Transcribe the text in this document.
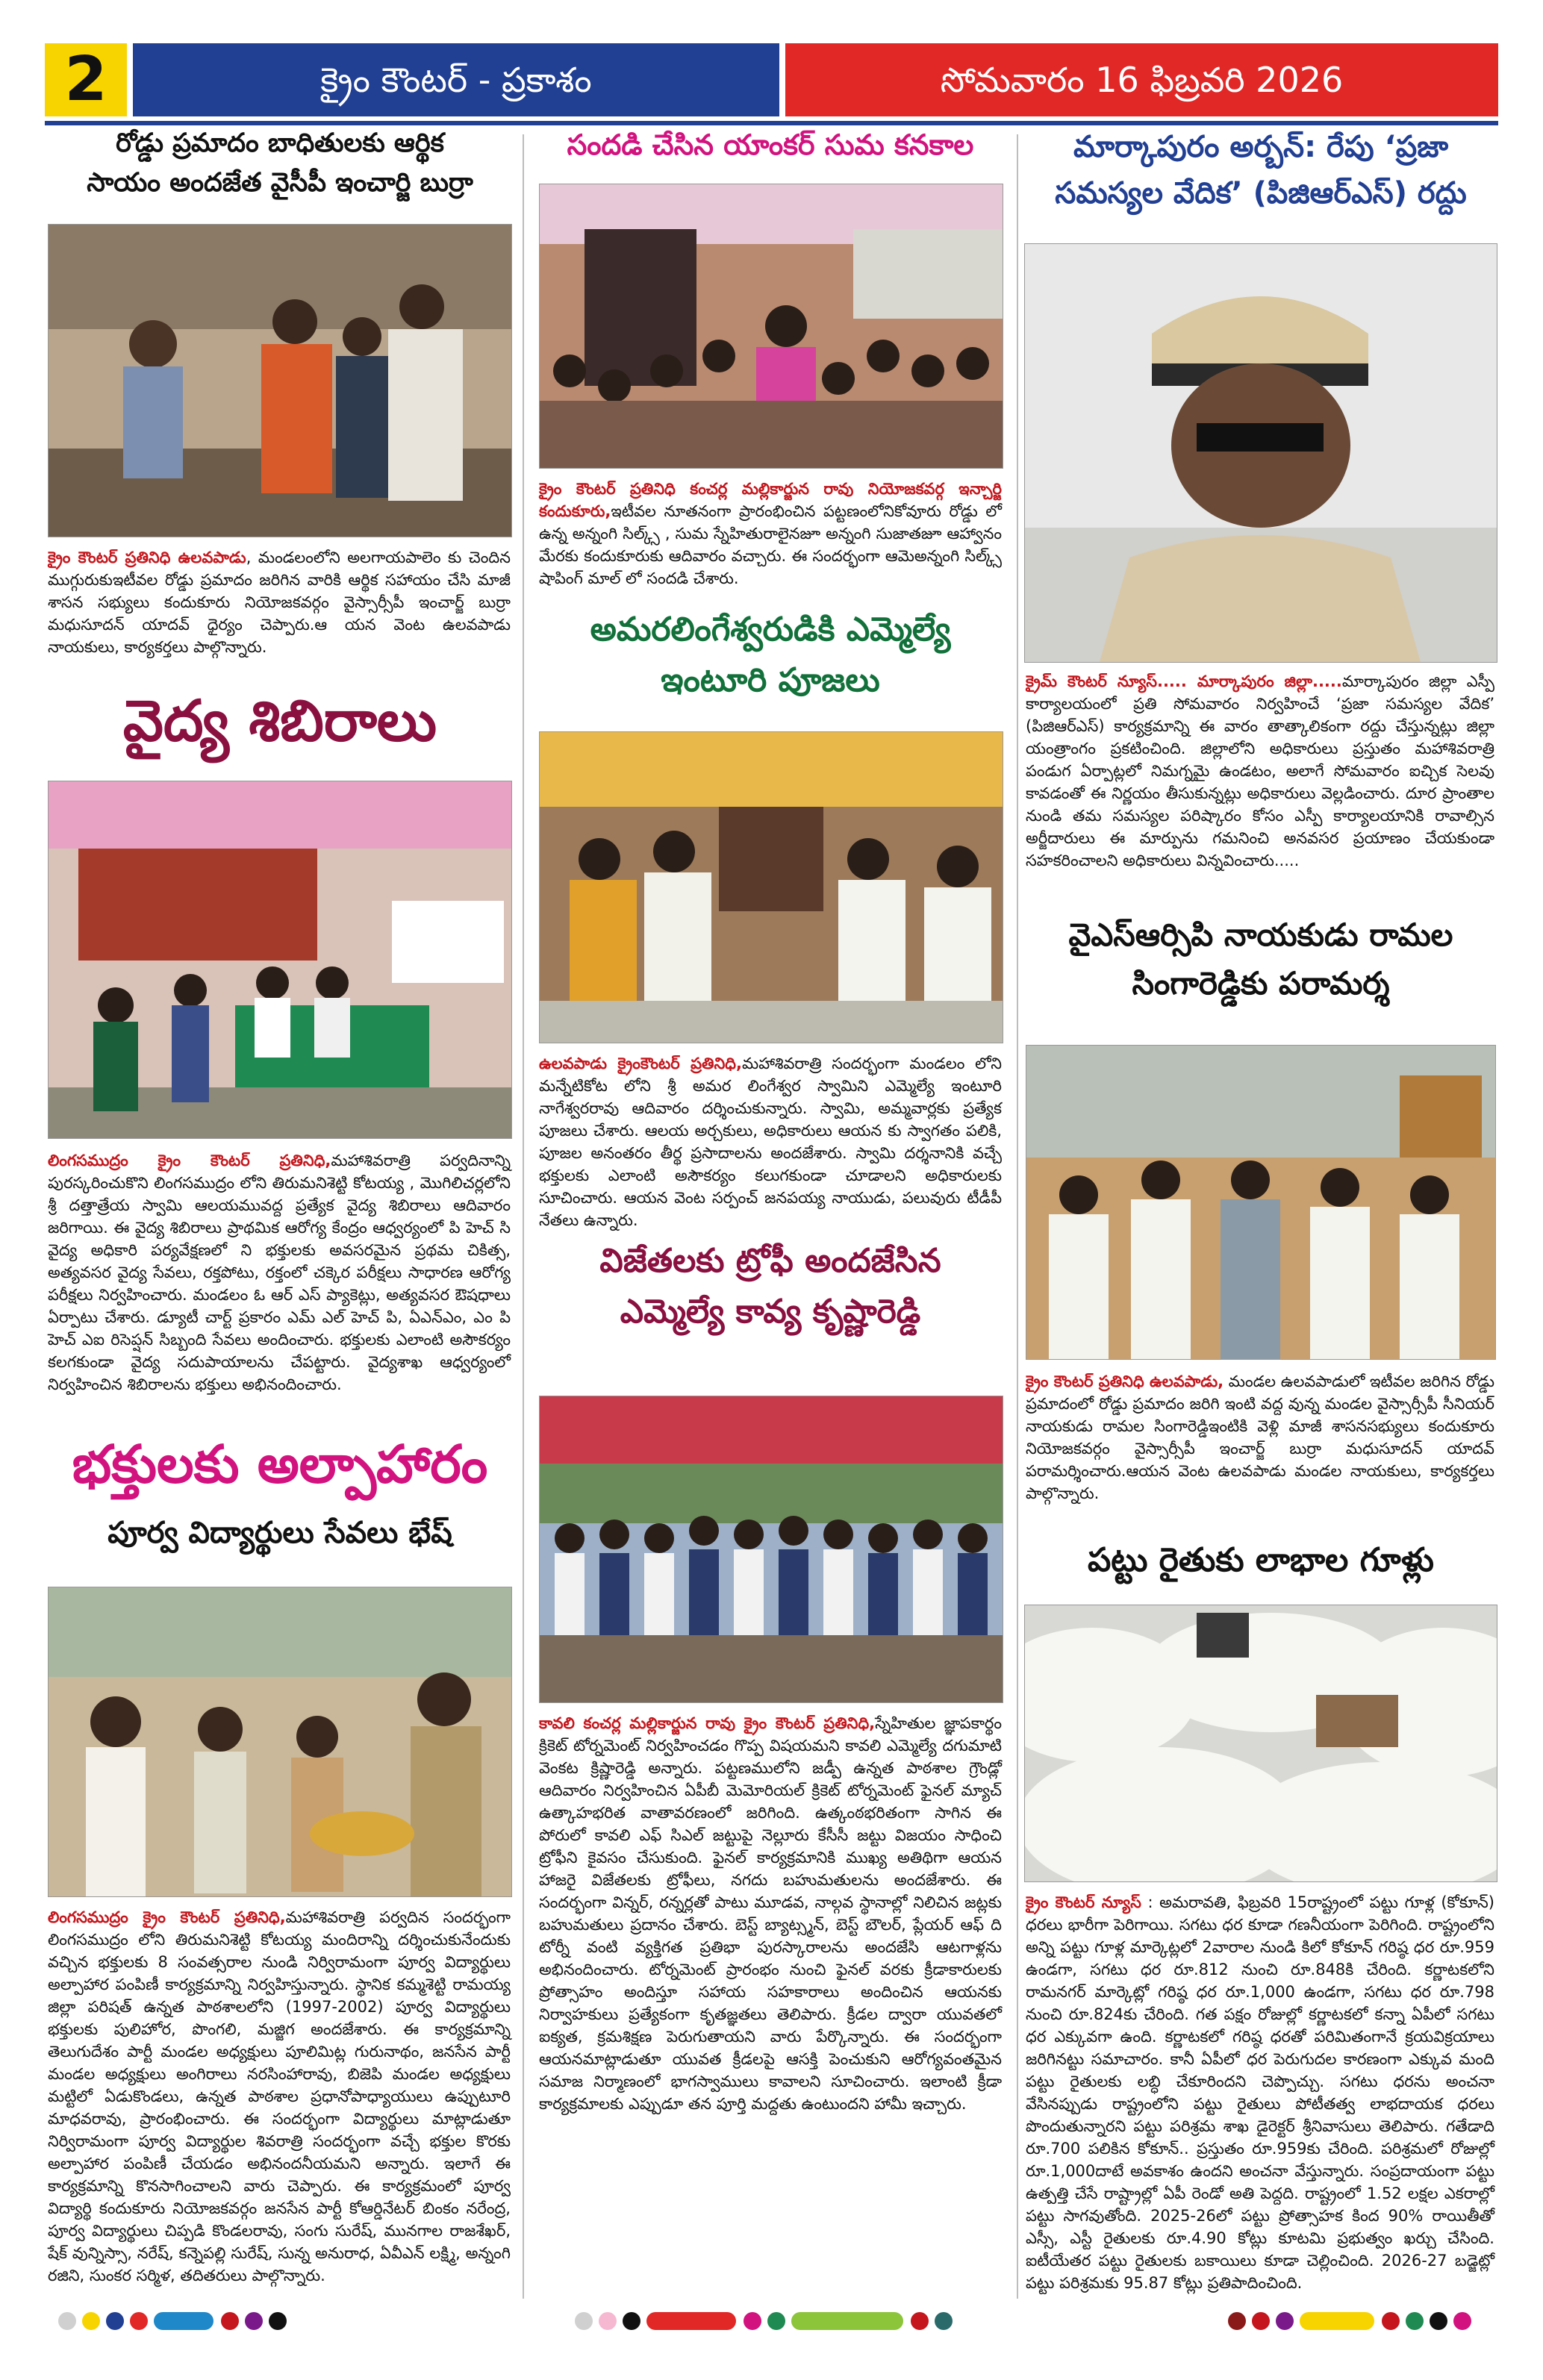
2	క్రైం కౌంటర్ - ప్రకాశం	సోమవారం 16 ఫిబ్రవరి 2026
రోడ్డు ప్రమాదం బాధితులకు ఆర్థిక
సాయం అందజేత వైసీపీ ఇంచార్జి బుర్రా
క్రైం కౌంటర్ ప్రతినిధి ఉలవపాడు, మండలంలోని అలగాయపాలెం కు చెందిన ముగ్గురుకుఇటీవల రోడ్డు ప్రమాదం జరిగిన వారికి ఆర్థిక సహాయం చేసి మాజీ శాసన సభ్యులు కందుకూరు నియోజకవర్గం వైస్సార్సీపీ ఇంచార్జ్ బుర్రా మధుసూదన్ యాదవ్ ధైర్యం చెప్పారు.ఆ యన వెంట ఉలవపాడు నాయకులు, కార్యకర్తలు పాల్గొన్నారు.
వైద్య శిబిరాలు
లింగసముద్రం క్రైం కౌంటర్ ప్రతినిధి,మహాశివరాత్రి పర్వదినాన్ని పురస్కరించుకొని లింగసముద్రం లోని తిరుమనిశెట్టి కోటయ్య , మొగిలిచర్లలోని శ్రీ దత్తాత్రేయ స్వామి ఆలయమువద్ద ప్రత్యేక వైద్య శిబిరాలు ఆదివారం జరిగాయి. ఈ వైద్య శిబిరాలు ప్రాథమిక ఆరోగ్య కేంద్రం ఆధ్వర్యంలో పి హెచ్ సి వైద్య అధికారి పర్యవేక్షణలో ని భక్తులకు అవసరమైన ప్రథమ చికిత్స, అత్యవసర వైద్య సేవలు, రక్తపోటు, రక్తంలో చక్కెర పరీక్షలు సాధారణ ఆరోగ్య పరీక్షలు నిర్వహించారు. మండలం ఓ ఆర్ ఎస్ ప్యాకెట్లు, అత్యవసర ఔషధాలు ఏర్పాటు చేశారు. డ్యూటీ చార్ట్ ప్రకారం ఎమ్ ఎల్ హెచ్ పి, ఏఎన్ఎం, ఎం పి హెచ్ ఎఐ రిసెప్షన్ సిబ్బంది సేవలు అందించారు. భక్తులకు ఎలాంటి అసౌకర్యం కలగకుండా వైద్య సదుపాయాలను చేపట్టారు. వైద్యశాఖ ఆధ్వర్యంలో నిర్వహించిన శిబిరాలను భక్తులు అభినందించారు.
భక్తులకు అల్పాహారం
పూర్వ విద్యార్థులు సేవలు భేష్
లింగసముద్రం క్రైం కౌంటర్ ప్రతినిధి,మహాశివరాత్రి పర్వదిన సందర్భంగా లింగసముద్రం లోని తిరుమనిశెట్టి కోటయ్య మందిరాన్ని దర్శించుకునేందుకు వచ్చిన భక్తులకు 8 సంవత్సరాల నుండి నిర్విరామంగా పూర్వ విద్యార్థులు అల్పాహార పంపిణీ కార్యక్రమాన్ని నిర్వహిస్తున్నారు. స్థానిక కమ్మశెట్టి రామయ్య జిల్లా పరిషత్ ఉన్నత పాఠశాలలోని (1997-2002) పూర్వ విద్యార్థులు భక్తులకు పులిహోర, పొంగలి, మజ్జిగ అందజేశారు. ఈ కార్యక్రమాన్ని తెలుగుదేశం పార్టీ మండల అధ్యక్షులు పూలిమిట్ల గురునాథం, జనసేన పార్టీ మండల అధ్యక్షులు అంగిరాలు నరసింహారావు, బిజెపి మండల అధ్యక్షులు మట్టిలో ఏడుకొండలు, ఉన్నత పాఠశాల ప్రధానోపాధ్యాయులు ఉప్పుటూరి మాధవరావు, ప్రారంభించారు. ఈ సందర్భంగా విద్యార్థులు మాట్లాడుతూ నిర్విరామంగా పూర్వ విద్యార్థుల శివరాత్రి సందర్భంగా వచ్చే భక్తుల కొరకు అల్పాహార పంపిణీ చేయడం అభినందనీయమని అన్నారు. ఇలాగే ఈ కార్యక్రమాన్ని కొనసాగించాలని వారు చెప్పారు. ఈ కార్యక్రమంలో పూర్వ విద్యార్థి కందుకూరు నియోజకవర్గం జనసేన పార్టీ కోఆర్డినేటర్ బింకం నరేంద్ర, పూర్వ విద్యార్థులు చిప్పడి కొండలరావు, సంగు సురేష్, మునగాల రాజశేఖర్, షేక్ వున్నిస్సా, నరేష్, కన్నెపల్లి సురేష్, సున్న అనురాధ, ఏవీఎన్ లక్ష్మి, అన్నంగి రజిని, సుంకర సర్మిళ, తదితరులు పాల్గొన్నారు.
సందడి చేసిన యాంకర్ సుమ కనకాల
క్రైం కౌంటర్ ప్రతినిధి కంచర్ల మల్లికార్జున రావు నియోజకవర్గ ఇన్చార్జి కందుకూరు,ఇటీవల నూతనంగా ప్రారంభించిన పట్టణంలోనికోవూరు రోడ్డు లో ఉన్న అన్నంగి సిల్క్స్ , సుమ స్నేహితురాలైనజూ అన్నంగి సుజాతజూ ఆహ్వానం మేరకు కందుకూరుకు ఆదివారం వచ్చారు. ఈ సందర్భంగా ఆమెఅన్నంగి సిల్క్స్ షాపింగ్ మాల్ లో సందడి చేశారు.
అమరలింగేశ్వరుడికి ఎమ్మెల్యే
ఇంటూరి పూజలు
ఉలవపాడు క్రైంకౌంటర్ ప్రతినిధి,మహాశివరాత్రి సందర్భంగా మండలం లోని మన్నేటికోట లోని శ్రీ అమర లింగేశ్వర స్వామిని ఎమ్మెల్యే ఇంటూరి నాగేశ్వరరావు ఆదివారం దర్శించుకున్నారు. స్వామి, అమ్మవార్లకు ప్రత్యేక పూజలు చేశారు. ఆలయ అర్చకులు, అధికారులు ఆయన కు స్వాగతం పలికి, పూజల అనంతరం తీర్థ ప్రసాదాలను అందజేశారు. స్వామి దర్శనానికి వచ్చే భక్తులకు ఎలాంటి అసౌకర్యం కలుగకుండా చూడాలని అధికారులకు సూచించారు. ఆయన వెంట సర్పంచ్ జనపయ్య నాయుడు, పలువురు టీడీపీ నేతలు ఉన్నారు.
విజేతలకు ట్రోఫీ అందజేసిన
ఎమ్మెల్యే కావ్య కృష్ణారెడ్డి
కావలి కంచర్ల మల్లికార్జున రావు క్రైం కౌంటర్ ప్రతినిధి,స్నేహితుల జ్ఞాపకార్థం క్రికెట్ టోర్నమెంట్ నిర్వహించడం గొప్ప విషయమని కావలి ఎమ్మెల్యే దగుమాటి వెంకట క్రిష్ణారెడ్డి అన్నారు. పట్టణములోని జడ్పీ ఉన్నత పాఠశాల గ్రౌండ్లో ఆదివారం నిర్వహించిన ఏపీబీ మెమోరియల్ క్రికెట్ టోర్నమెంట్ ఫైనల్ మ్యాచ్ ఉత్కాహభరిత వాతావరణంలో జరిగింది. ఉత్కంఠభరితంగా సాగిన ఈ పోరులో కావలి ఎఫ్ సిఎల్ జట్టుపై నెల్లూరు కేసీసీ జట్టు విజయం సాధించి ట్రోఫీని కైవసం చేసుకుంది. ఫైనల్ కార్యక్రమానికి ముఖ్య అతిథిగా ఆయన హాజరై విజేతలకు ట్రోఫీలు, నగదు బహుమతులను అందజేశారు. ఈ సందర్భంగా విన్నర్, రన్నర్లతో పాటు మూడవ, నాల్గవ స్థానాల్లో నిలిచిన జట్లకు బహుమతులు ప్రదానం చేశారు. బెస్ట్ బ్యాట్స్మన్, బెస్ట్ బౌలర్, ప్లేయర్ ఆఫ్ ది టోర్నీ వంటి వ్యక్తిగత ప్రతిభా పురస్కారాలను అందజేసి ఆటగాళ్లను అభినందించారు. టోర్నమెంట్ ప్రారంభం నుంచి ఫైనల్ వరకు క్రీడాకారులకు ప్రోత్సాహం అందిస్తూ సహాయ సహకారాలు అందించిన ఆయనకు నిర్వాహకులు ప్రత్యేకంగా కృతజ్ఞతలు తెలిపారు. క్రీడల ద్వారా యువతలో ఐక్యత, క్రమశిక్షణ పెరుగుతాయని వారు పేర్కొన్నారు. ఈ సందర్భంగా ఆయనమాట్లాడుతూ యువత క్రీడలపై ఆసక్తి పెంచుకుని ఆరోగ్యవంతమైన సమాజ నిర్మాణంలో భాగస్వాములు కావాలని సూచించారు. ఇలాంటి క్రీడా కార్యక్రమాలకు ఎప్పుడూ తన పూర్తి మద్దతు ఉంటుందని హామీ ఇచ్చారు.
మార్కాపురం అర్బన్: రేపు ‘ప్రజా
సమస్యల వేదిక’ (పిజిఆర్ఎస్) రద్దు
క్రైమ్ కౌంటర్ న్యూస్..... మార్కాపురం జిల్లా.....మార్కాపురం జిల్లా ఎస్పీ కార్యాలయంలో ప్రతి సోమవారం నిర్వహించే ‘ప్రజా సమస్యల వేదిక’ (పిజిఆర్ఎస్) కార్యక్రమాన్ని ఈ వారం తాత్కాలికంగా రద్దు చేస్తున్నట్లు జిల్లా యంత్రాంగం ప్రకటించింది. జిల్లాలోని అధికారులు ప్రస్తుతం మహాశివరాత్రి పండుగ ఏర్పాట్లలో నిమగ్నమై ఉండటం, అలాగే సోమవారం ఐచ్చిక సెలవు కావడంతో ఈ నిర్ణయం తీసుకున్నట్లు అధికారులు వెల్లడించారు. దూర ప్రాంతాల నుండి తమ సమస్యల పరిష్కారం కోసం ఎస్పీ కార్యాలయానికి రావాల్సిన అర్జీదారులు ఈ మార్పును గమనించి అనవసర ప్రయాణం చేయకుండా సహకరించాలని అధికారులు విన్నవించారు.....
వైఎస్ఆర్సిపి నాయకుడు రామల
సింగారెడ్డికు పరామర్శ
క్రైం కౌంటర్ ప్రతినిధి ఉలవపాడు, మండల ఉలవపాడులో ఇటీవల జరిగిన రోడ్డు ప్రమాదంలో రోడ్డు ప్రమాదం జరిగి ఇంటి వద్ద వున్న మండల వైస్సార్సీపీ సీనియర్ నాయకుడు రామల సింగారెడ్డిఇంటికి వెళ్లి మాజీ శాసనసభ్యులు కందుకూరు నియోజకవర్గం వైస్సార్సీపీ ఇంచార్జ్ బుర్రా మధుసూదన్ యాదవ్ పరామర్శించారు.ఆయన వెంట ఉలవపాడు మండల నాయకులు, కార్యకర్తలు పాల్గొన్నారు.
పట్టు రైతుకు లాభాల గూళ్లు
క్రైం కౌంటర్ న్యూస్ : అమరావతి, ఫిబ్రవరి 15రాష్ట్రంలో పట్టు గూళ్ల (కోకూన్) ధరలు భారీగా పెరిగాయి. సగటు ధర కూడా గణనీయంగా పెరిగింది. రాష్ట్రంలోని అన్ని పట్టు గూళ్ల మార్కెట్లలో 2వారాల నుండి కిలో కోకూన్ గరిష్ఠ ధర రూ.959 ఉండగా, సగటు ధర రూ.812 నుంచి రూ.848కి చేరింది. కర్ణాటకలోని రామనగర్ మార్కెట్లో గరిష్ఠ ధర రూ.1,000 ఉండగా, సగటు ధర రూ.798 నుంచి రూ.824కు చేరింది. గత పక్షం రోజుల్లో కర్ణాటకలో కన్నా ఏపీలో సగటు ధర ఎక్కువగా ఉంది. కర్ణాటకలో గరిష్ఠ ధరతో పరిమితంగానే క్రయవిక్రయాలు జరిగినట్టు సమాచారం. కానీ ఏపీలో ధర పెరుగుదల కారణంగా ఎక్కువ మంది పట్టు రైతులకు లబ్ధి చేకూరిందని చెప్పొచ్చు. సగటు ధరను అంచనా వేసినప్పుడు రాష్ట్రంలోని పట్టు రైతులు పోటీతత్వ లాభదాయక ధరలు పొందుతున్నారని పట్టు పరిశ్రమ శాఖ డైరెక్టర్ శ్రీనివాసులు తెలిపారు. గతేడాది రూ.700 పలికిన కోకూన్.. ప్రస్తుతం రూ.959కు చేరింది. పరిశ్రమలో రోజుల్లో రూ.1,000దాటే అవకాశం ఉందని అంచనా వేస్తున్నారు. సంప్రదాయంగా పట్టు ఉత్పత్తి చేసే రాష్ట్రాల్లో ఏపీ రెండో అతి పెద్దది. రాష్ట్రంలో 1.52 లక్షల ఎకరాల్లో పట్టు సాగవుతోంది. 2025-26లో పట్టు ప్రోత్సాహక కింద 90% రాయితీతో ఎస్సీ, ఎస్టీ రైతులకు రూ.4.90 కోట్లు కూటమి ప్రభుత్వం ఖర్చు చేసింది. ఐటీయేతర పట్టు రైతులకు బకాయిలు కూడా చెల్లించింది. 2026-27 బడ్జెట్లో పట్టు పరిశ్రమకు 95.87 కోట్లు ప్రతిపాదించింది.
